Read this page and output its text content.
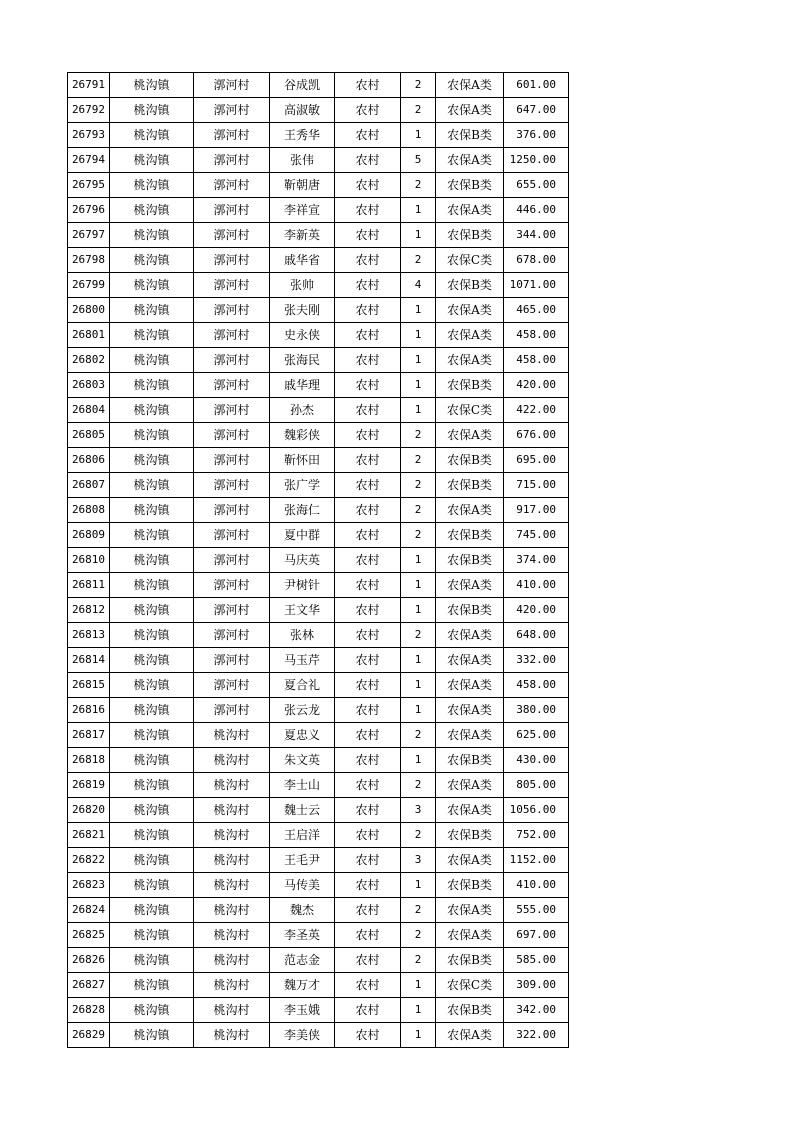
26791	桃沟镇	漷河村	谷成凯	农村	2	农保A类	601.00
26792	桃沟镇	漷河村	高淑敏	农村	2	农保A类	647.00
26793	桃沟镇	漷河村	王秀华	农村	1	农保B类	376.00
26794	桃沟镇	漷河村	张伟	农村	5	农保A类	1250.00
26795	桃沟镇	漷河村	靳朝唐	农村	2	农保B类	655.00
26796	桃沟镇	漷河村	李祥宣	农村	1	农保A类	446.00
26797	桃沟镇	漷河村	李新英	农村	1	农保B类	344.00
26798	桃沟镇	漷河村	戚华省	农村	2	农保C类	678.00
26799	桃沟镇	漷河村	张帅	农村	4	农保B类	1071.00
26800	桃沟镇	漷河村	张夫刚	农村	1	农保A类	465.00
26801	桃沟镇	漷河村	史永侠	农村	1	农保A类	458.00
26802	桃沟镇	漷河村	张海民	农村	1	农保A类	458.00
26803	桃沟镇	漷河村	戚华理	农村	1	农保B类	420.00
26804	桃沟镇	漷河村	孙杰	农村	1	农保C类	422.00
26805	桃沟镇	漷河村	魏彩侠	农村	2	农保A类	676.00
26806	桃沟镇	漷河村	靳怀田	农村	2	农保B类	695.00
26807	桃沟镇	漷河村	张广学	农村	2	农保B类	715.00
26808	桃沟镇	漷河村	张海仁	农村	2	农保A类	917.00
26809	桃沟镇	漷河村	夏中群	农村	2	农保B类	745.00
26810	桃沟镇	漷河村	马庆英	农村	1	农保B类	374.00
26811	桃沟镇	漷河村	尹树针	农村	1	农保A类	410.00
26812	桃沟镇	漷河村	王文华	农村	1	农保B类	420.00
26813	桃沟镇	漷河村	张林	农村	2	农保A类	648.00
26814	桃沟镇	漷河村	马玉芹	农村	1	农保A类	332.00
26815	桃沟镇	漷河村	夏合礼	农村	1	农保A类	458.00
26816	桃沟镇	漷河村	张云龙	农村	1	农保A类	380.00
26817	桃沟镇	桃沟村	夏忠义	农村	2	农保A类	625.00
26818	桃沟镇	桃沟村	朱文英	农村	1	农保B类	430.00
26819	桃沟镇	桃沟村	李士山	农村	2	农保A类	805.00
26820	桃沟镇	桃沟村	魏士云	农村	3	农保A类	1056.00
26821	桃沟镇	桃沟村	王启洋	农村	2	农保B类	752.00
26822	桃沟镇	桃沟村	王毛尹	农村	3	农保A类	1152.00
26823	桃沟镇	桃沟村	马传美	农村	1	农保B类	410.00
26824	桃沟镇	桃沟村	魏杰	农村	2	农保A类	555.00
26825	桃沟镇	桃沟村	李圣英	农村	2	农保A类	697.00
26826	桃沟镇	桃沟村	范志金	农村	2	农保B类	585.00
26827	桃沟镇	桃沟村	魏万才	农村	1	农保C类	309.00
26828	桃沟镇	桃沟村	李玉娥	农村	1	农保B类	342.00
26829	桃沟镇	桃沟村	李美侠	农村	1	农保A类	322.00
